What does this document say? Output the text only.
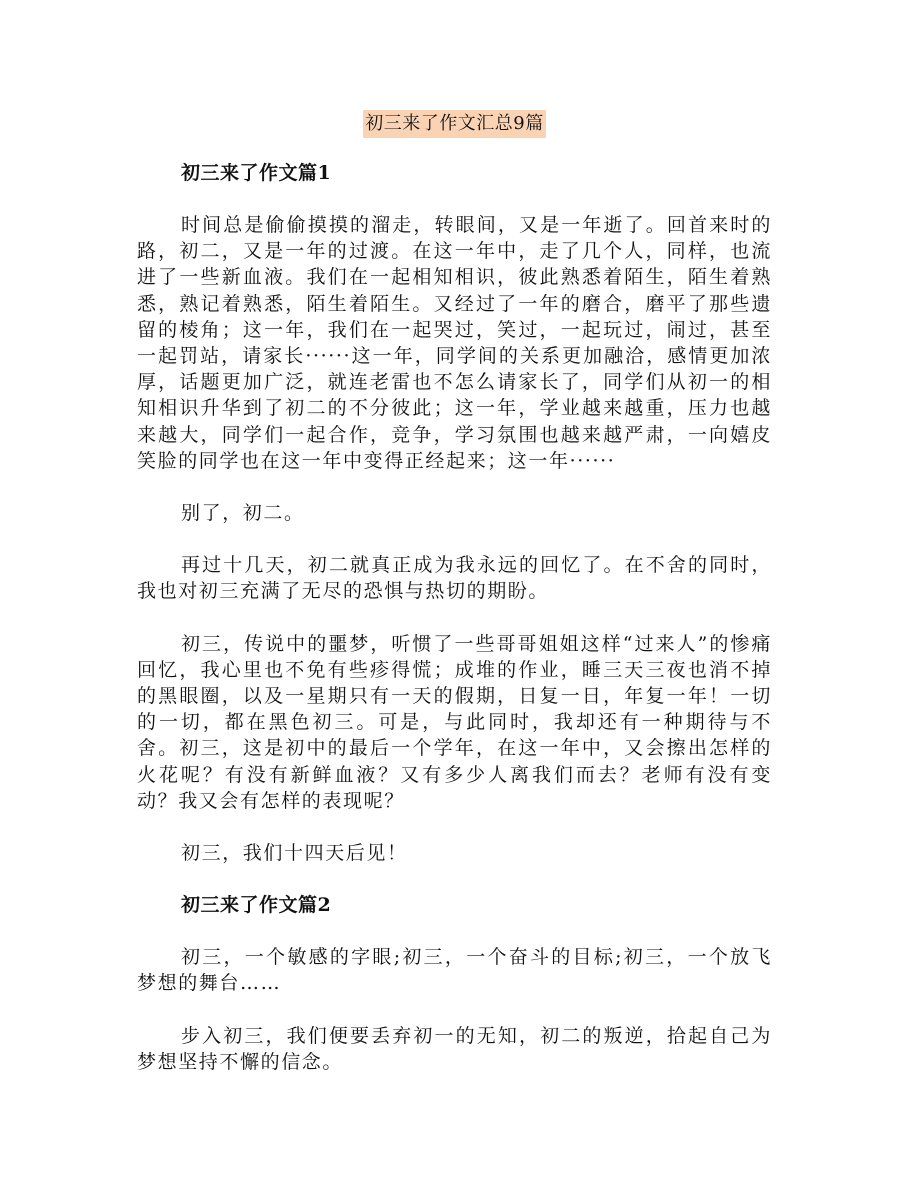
初三来了作文汇总9篇

初三来了作文篇1

时间总是偷偷摸摸的溜走，转眼间，又是一年逝了。回首来时的路，初二，又是一年的过渡。在这一年中，走了几个人，同样，也流进了一些新血液。我们在一起相知相识，彼此熟悉着陌生，陌生着熟悉，熟记着熟悉，陌生着陌生。又经过了一年的磨合，磨平了那些遗留的棱角；这一年，我们在一起哭过，笑过，一起玩过，闹过，甚至一起罚站，请家长······这一年，同学间的关系更加融洽，感情更加浓厚，话题更加广泛，就连老雷也不怎么请家长了，同学们从初一的相知相识升华到了初二的不分彼此；这一年，学业越来越重，压力也越来越大，同学们一起合作，竞争，学习氛围也越来越严肃，一向嬉皮笑脸的同学也在这一年中变得正经起来；这一年······

别了，初二。

再过十几天，初二就真正成为我永远的回忆了。在不舍的同时，我也对初三充满了无尽的恐惧与热切的期盼。

初三，传说中的噩梦，听惯了一些哥哥姐姐这样“过来人”的惨痛回忆，我心里也不免有些疹得慌；成堆的作业，睡三天三夜也消不掉的黑眼圈，以及一星期只有一天的假期，日复一日，年复一年！一切的一切，都在黑色初三。可是，与此同时，我却还有一种期待与不舍。初三，这是初中的最后一个学年，在这一年中，又会擦出怎样的火花呢？有没有新鲜血液？又有多少人离我们而去？老师有没有变动？我又会有怎样的表现呢？

初三，我们十四天后见！

初三来了作文篇2

初三，一个敏感的字眼;初三，一个奋斗的目标;初三，一个放飞梦想的舞台……

步入初三，我们便要丢弃初一的无知，初二的叛逆，拾起自己为梦想坚持不懈的信念。
